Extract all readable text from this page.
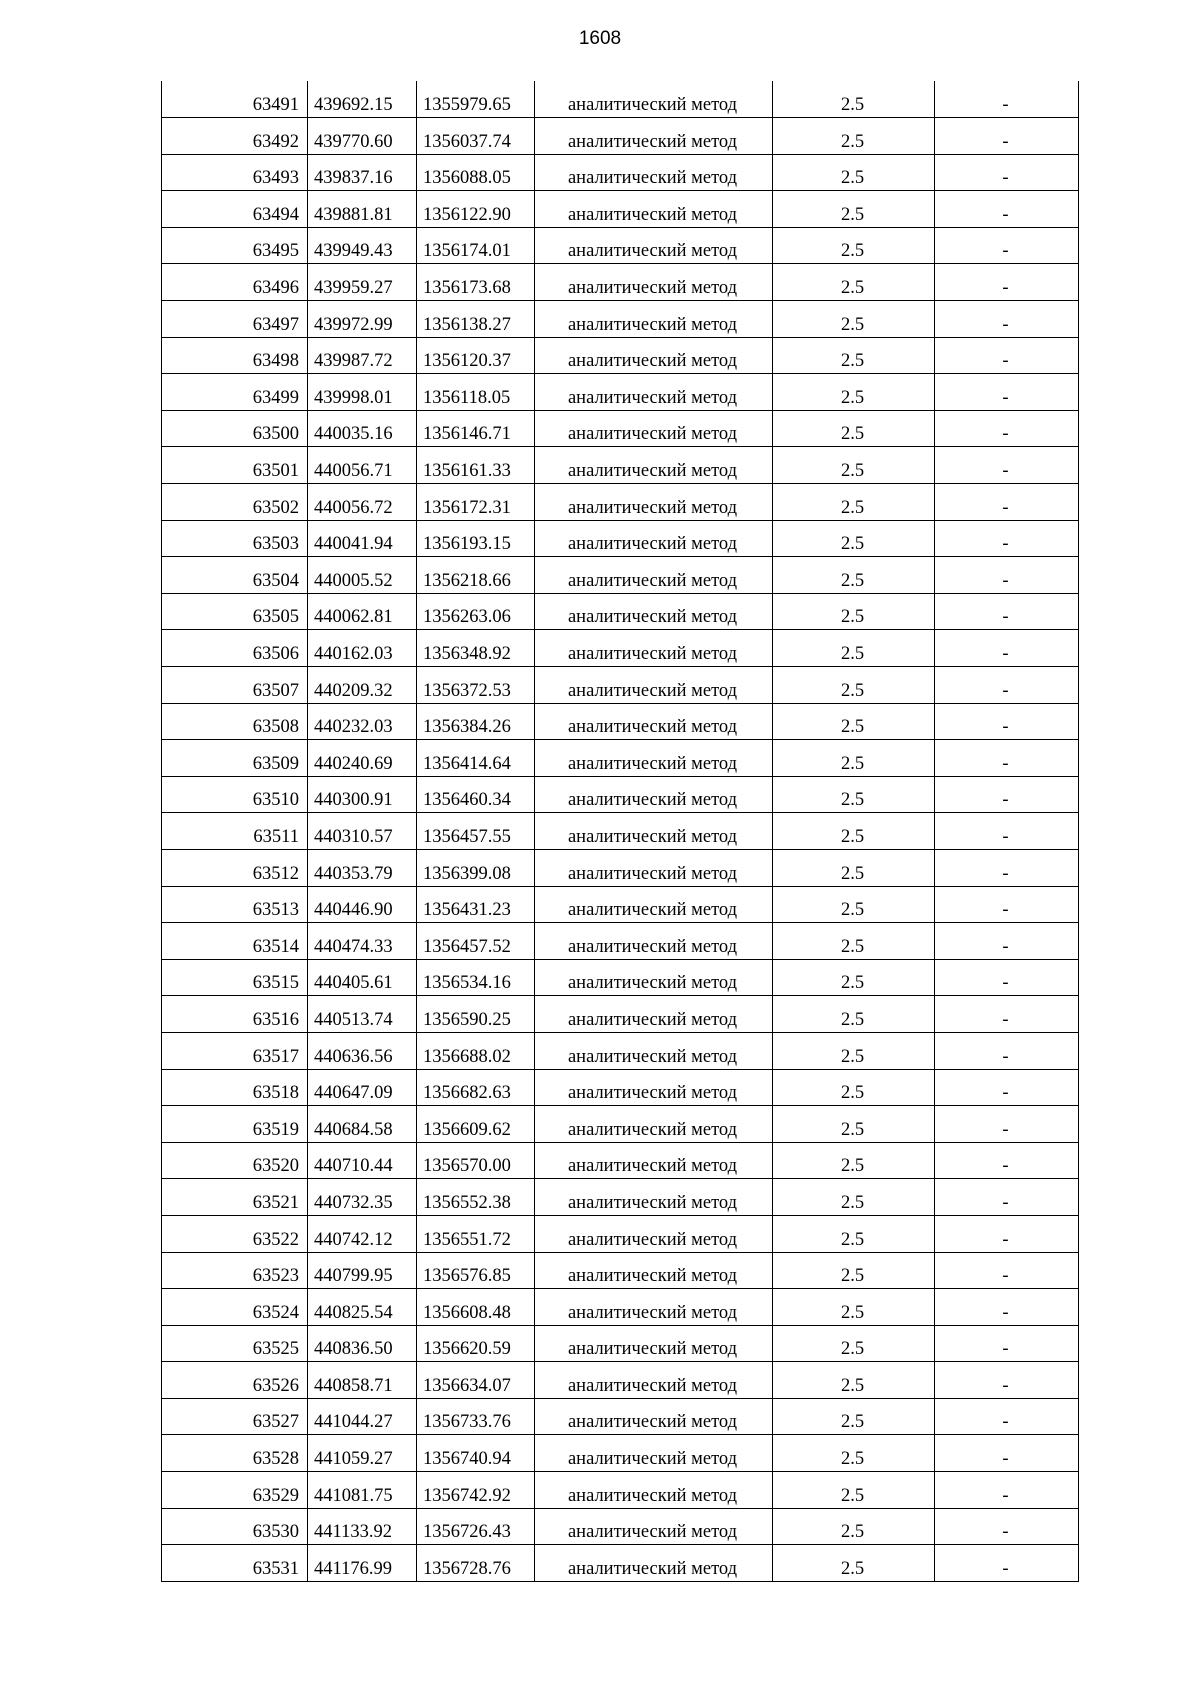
1608
63491	439692.15	1355979.65	аналитический метод	2.5	-
63492	439770.60	1356037.74	аналитический метод	2.5	-
63493	439837.16	1356088.05	аналитический метод	2.5	-
63494	439881.81	1356122.90	аналитический метод	2.5	-
63495	439949.43	1356174.01	аналитический метод	2.5	-
63496	439959.27	1356173.68	аналитический метод	2.5	-
63497	439972.99	1356138.27	аналитический метод	2.5	-
63498	439987.72	1356120.37	аналитический метод	2.5	-
63499	439998.01	1356118.05	аналитический метод	2.5	-
63500	440035.16	1356146.71	аналитический метод	2.5	-
63501	440056.71	1356161.33	аналитический метод	2.5	-
63502	440056.72	1356172.31	аналитический метод	2.5	-
63503	440041.94	1356193.15	аналитический метод	2.5	-
63504	440005.52	1356218.66	аналитический метод	2.5	-
63505	440062.81	1356263.06	аналитический метод	2.5	-
63506	440162.03	1356348.92	аналитический метод	2.5	-
63507	440209.32	1356372.53	аналитический метод	2.5	-
63508	440232.03	1356384.26	аналитический метод	2.5	-
63509	440240.69	1356414.64	аналитический метод	2.5	-
63510	440300.91	1356460.34	аналитический метод	2.5	-
63511	440310.57	1356457.55	аналитический метод	2.5	-
63512	440353.79	1356399.08	аналитический метод	2.5	-
63513	440446.90	1356431.23	аналитический метод	2.5	-
63514	440474.33	1356457.52	аналитический метод	2.5	-
63515	440405.61	1356534.16	аналитический метод	2.5	-
63516	440513.74	1356590.25	аналитический метод	2.5	-
63517	440636.56	1356688.02	аналитический метод	2.5	-
63518	440647.09	1356682.63	аналитический метод	2.5	-
63519	440684.58	1356609.62	аналитический метод	2.5	-
63520	440710.44	1356570.00	аналитический метод	2.5	-
63521	440732.35	1356552.38	аналитический метод	2.5	-
63522	440742.12	1356551.72	аналитический метод	2.5	-
63523	440799.95	1356576.85	аналитический метод	2.5	-
63524	440825.54	1356608.48	аналитический метод	2.5	-
63525	440836.50	1356620.59	аналитический метод	2.5	-
63526	440858.71	1356634.07	аналитический метод	2.5	-
63527	441044.27	1356733.76	аналитический метод	2.5	-
63528	441059.27	1356740.94	аналитический метод	2.5	-
63529	441081.75	1356742.92	аналитический метод	2.5	-
63530	441133.92	1356726.43	аналитический метод	2.5	-
63531	441176.99	1356728.76	аналитический метод	2.5	-
